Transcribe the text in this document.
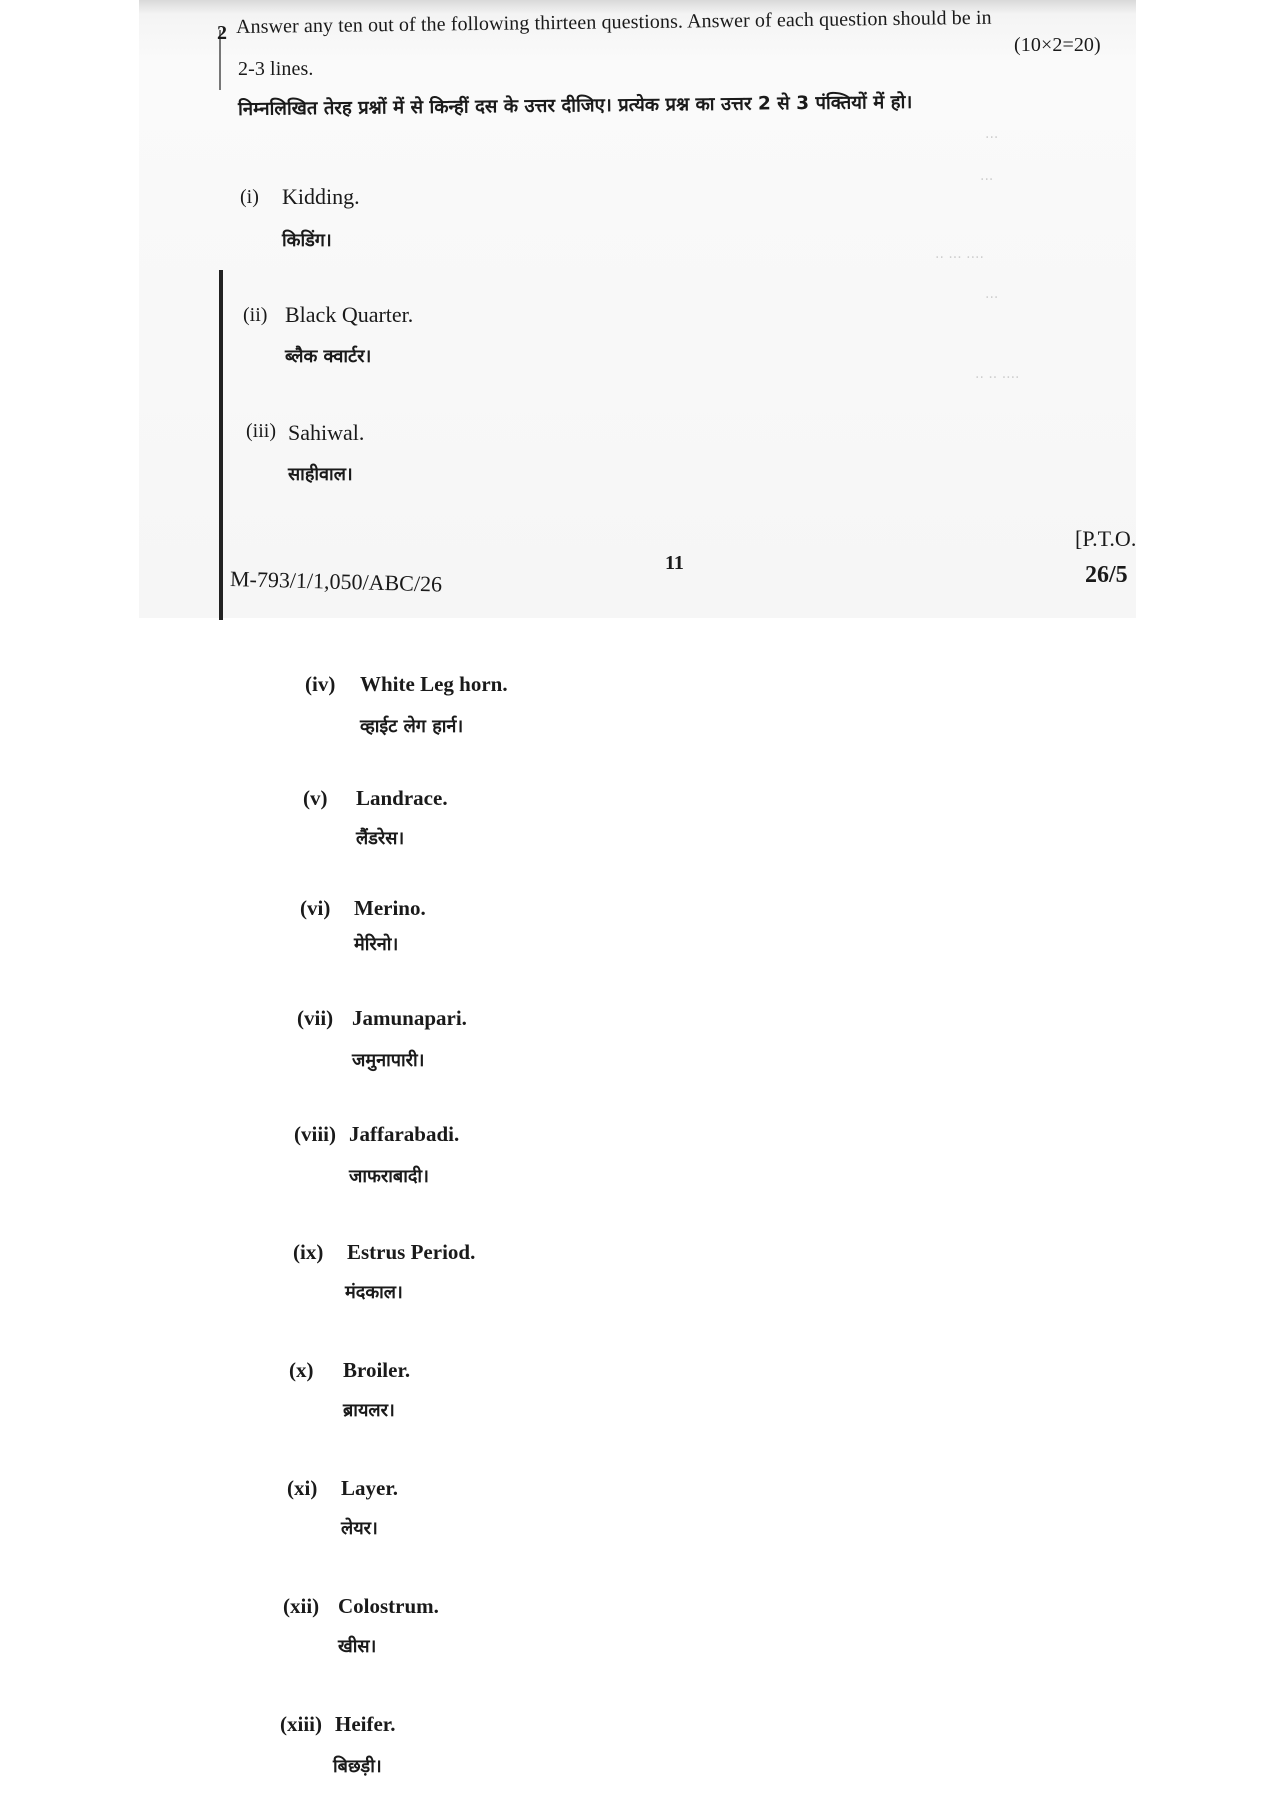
2 Answer any ten out of the following thirteen questions. Answer of each question should be in
(10×2=20)
2-3 lines.
निम्नलिखित तेरह प्रश्नों में से किन्हीं दस के उत्तर दीजिए। प्रत्येक प्रश्न का उत्तर 2 से 3 पंक्तियों में हो।
···
···
·· ··· ····
···
·· ·· ····
(i) Kidding.
किडिंग।
(ii) Black Quarter.
ब्लैक क्वार्टर।
(iii) Sahiwal.
साहीवाल।
[P.T.O.
11	26/5
M-793/1/1,050/ABC/26
(iv) White Leg horn.
व्हाईट लेग हार्न।
(v) Landrace.
लैंडरेस।
(vi) Merino.
मेरिनो।
(vii) Jamunapari.
जमुनापारी।
(viii) Jaffarabadi.
जाफराबादी।
(ix) Estrus Period.
मंदकाल।
(x) Broiler.
ब्रायलर।
(xi) Layer.
लेयर।
(xii) Colostrum.
खीस।
(xiii) Heifer.
बिछड़ी।
